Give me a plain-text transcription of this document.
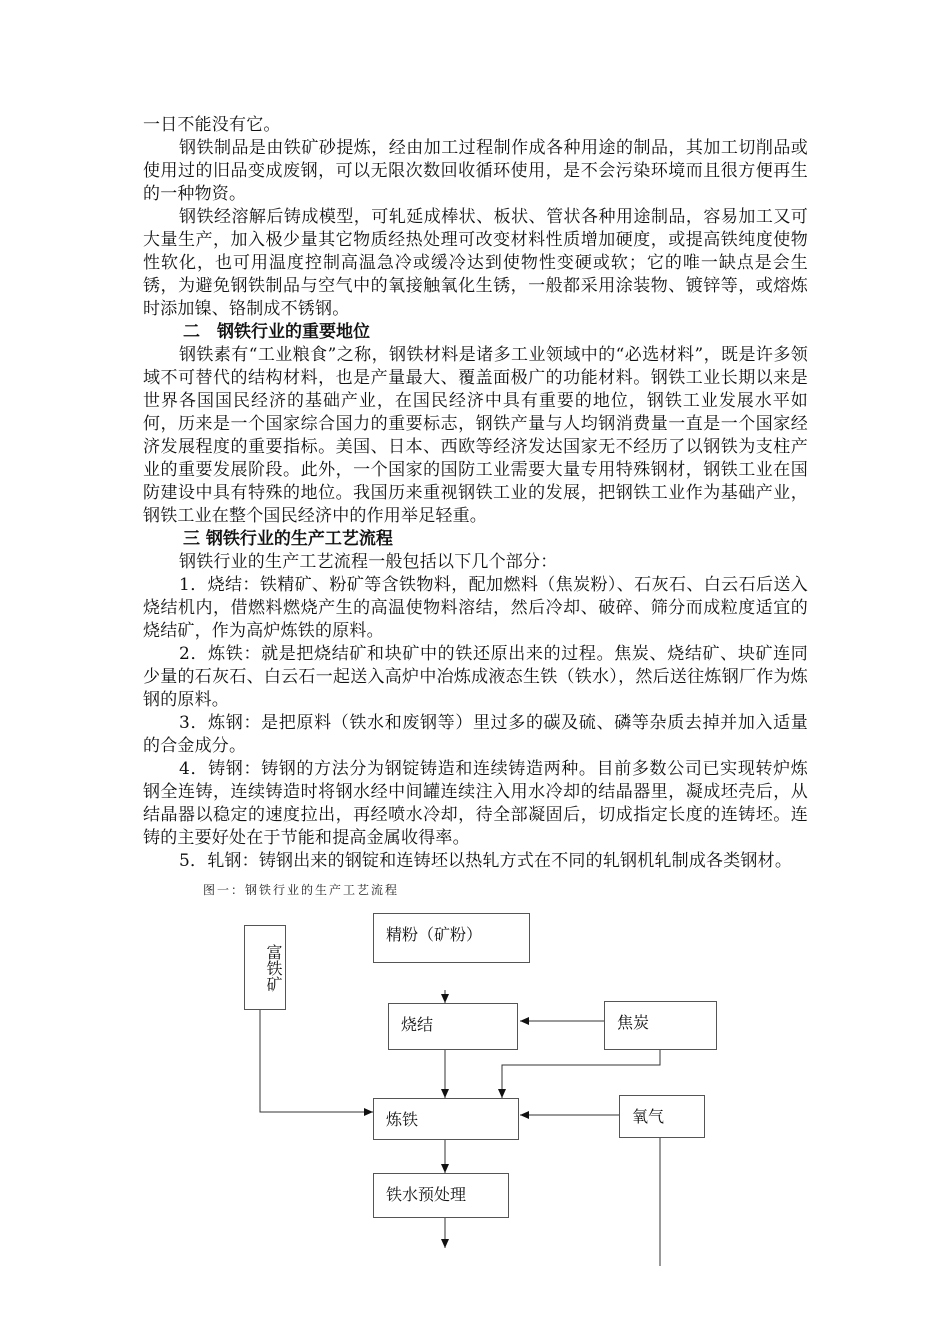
一日不能没有它。

钢铁制品是由铁矿砂提炼，经由加工过程制作成各种用途的制品，其加工切削品或使用过的旧品变成废钢，可以无限次数回收循环使用，是不会污染环境而且很方便再生的一种物资。

钢铁经溶解后铸成模型，可轧延成棒状、板状、管状各种用途制品，容易加工又可大量生产，加入极少量其它物质经热处理可改变材料性质增加硬度，或提高铁纯度使物性软化，也可用温度控制高温急冷或缓冷达到使物性变硬或软；它的唯一缺点是会生锈，为避免钢铁制品与空气中的氧接触氧化生锈，一般都采用涂装物、镀锌等，或熔炼时添加镍、铬制成不锈钢。

二　钢铁行业的重要地位

钢铁素有“工业粮食”之称，钢铁材料是诸多工业领域中的“必选材料”，既是许多领域不可替代的结构材料，也是产量最大、覆盖面极广的功能材料。钢铁工业长期以来是世界各国国民经济的基础产业，在国民经济中具有重要的地位，钢铁工业发展水平如何，历来是一个国家综合国力的重要标志，钢铁产量与人均钢消费量一直是一个国家经济发展程度的重要指标。美国、日本、西欧等经济发达国家无不经历了以钢铁为支柱产业的重要发展阶段。此外，一个国家的国防工业需要大量专用特殊钢材，钢铁工业在国防建设中具有特殊的地位。我国历来重视钢铁工业的发展，把钢铁工业作为基础产业，钢铁工业在整个国民经济中的作用举足轻重。

三 钢铁行业的生产工艺流程

钢铁行业的生产工艺流程一般包括以下几个部分：

1．烧结：铁精矿、粉矿等含铁物料，配加燃料（焦炭粉）、石灰石、白云石后送入烧结机内，借燃料燃烧产生的高温使物料溶结，然后冷却、破碎、筛分而成粒度适宜的烧结矿，作为高炉炼铁的原料。

2．炼铁：就是把烧结矿和块矿中的铁还原出来的过程。焦炭、烧结矿、块矿连同少量的石灰石、白云石一起送入高炉中冶炼成液态生铁（铁水），然后送往炼钢厂作为炼钢的原料。

3．炼钢：是把原料（铁水和废钢等）里过多的碳及硫、磷等杂质去掉并加入适量的合金成分。

4．铸钢：铸钢的方法分为钢锭铸造和连续铸造两种。目前多数公司已实现转炉炼钢全连铸，连续铸造时将钢水经中间罐连续注入用水冷却的结晶器里，凝成坯壳后，从结晶器以稳定的速度拉出，再经喷水冷却，待全部凝固后，切成指定长度的连铸坯。连铸的主要好处在于节能和提高金属收得率。

5．轧钢：铸钢出来的钢锭和连铸坯以热轧方式在不同的轧钢机轧制成各类钢材。

图一：钢铁行业的生产工艺流程
精粉（矿粉）
富铁矿
烧结	焦炭
炼铁	氧气
铁水预处理
